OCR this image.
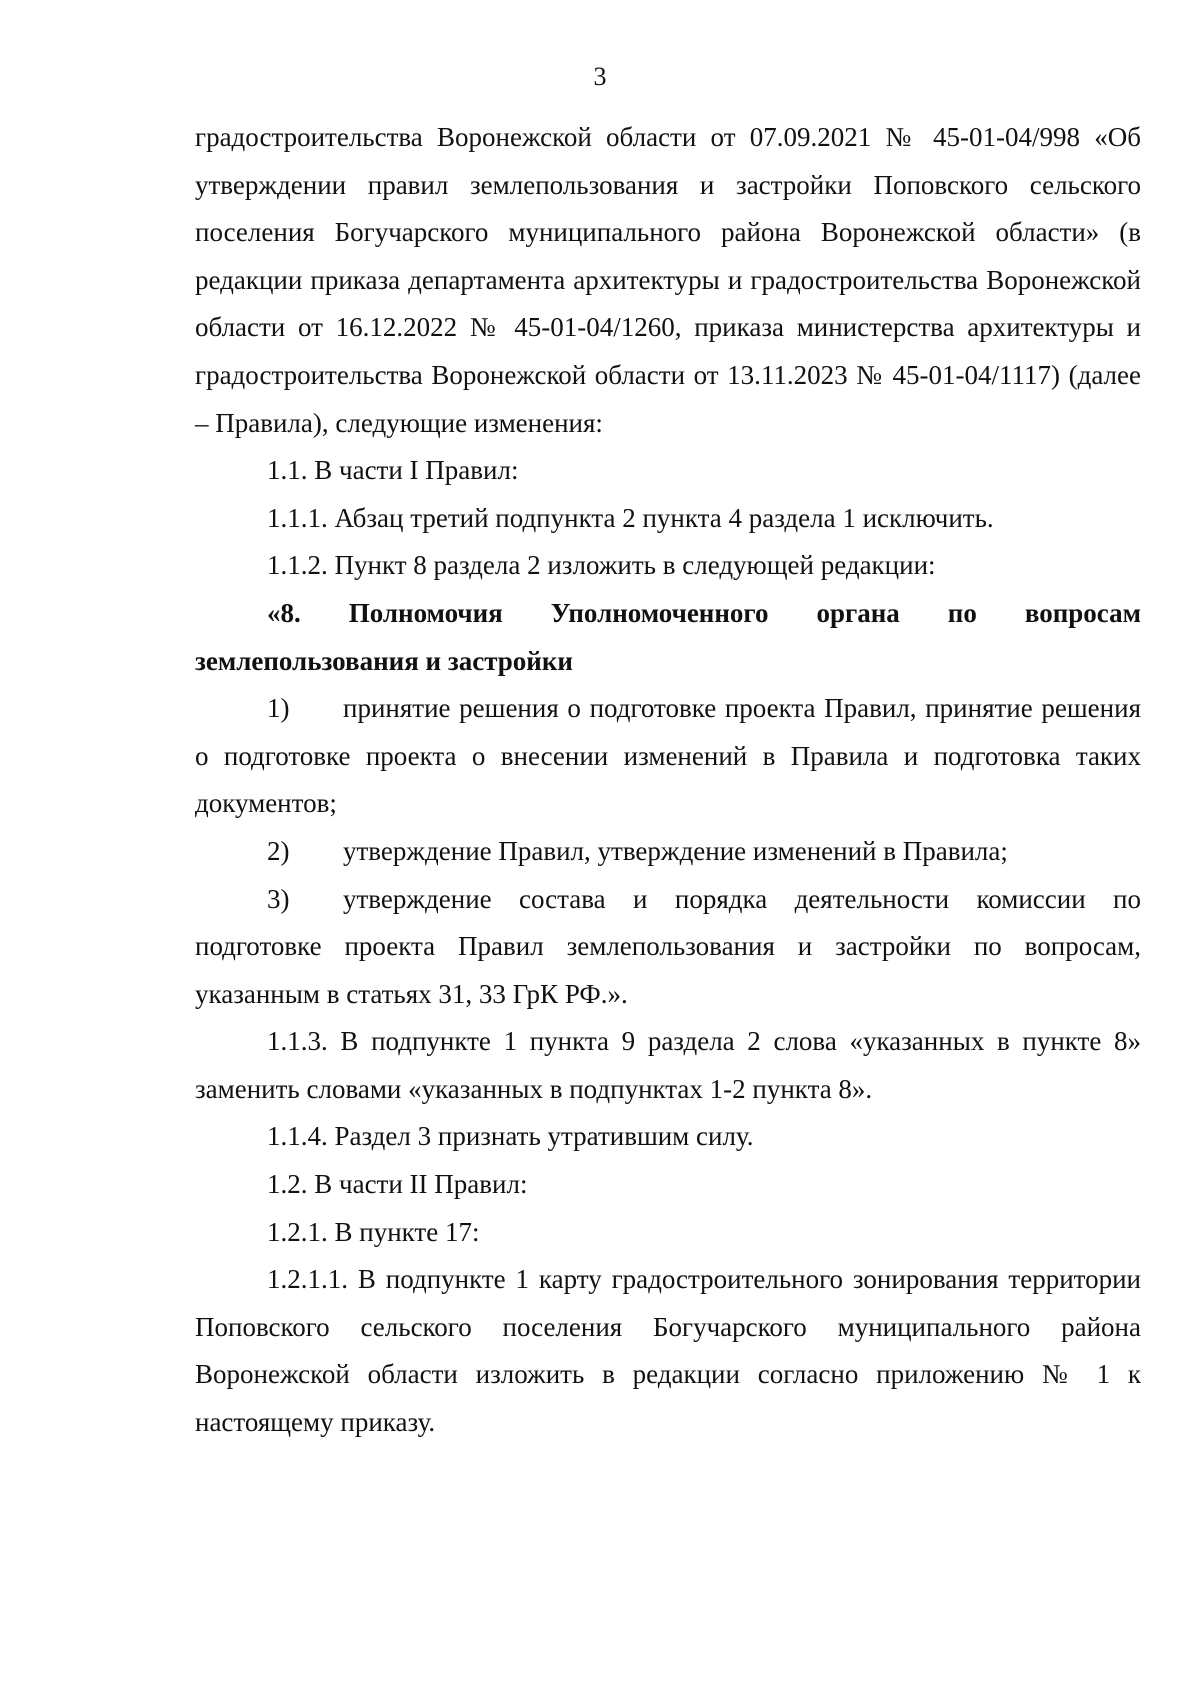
3

градостроительства Воронежской области от 07.09.2021 № 45-01-04/998 «Об утверждении правил землепользования и застройки Поповского сельского поселения Богучарского муниципального района Воронежской области» (в редакции приказа департамента архитектуры и градостроительства Воронежской области от 16.12.2022 № 45-01-04/1260, приказа министерства архитектуры и градостроительства Воронежской области от 13.11.2023 № 45-01-04/1117) (далее – Правила), следующие изменения:

1.1. В части I Правил:

1.1.1. Абзац третий подпункта 2 пункта 4 раздела 1 исключить.

1.1.2. Пункт 8 раздела 2 изложить в следующей редакции:

«8. Полномочия Уполномоченного органа по вопросам землепользования и застройки

1) принятие решения о подготовке проекта Правил, принятие решения о подготовке проекта о внесении изменений в Правила и подготовка таких документов;

2) утверждение Правил, утверждение изменений в Правила;

3) утверждение состава и порядка деятельности комиссии по подготовке проекта Правил землепользования и застройки по вопросам, указанным в статьях 31, 33 ГрК РФ.».

1.1.3. В подпункте 1 пункта 9 раздела 2 слова «указанных в пункте 8» заменить словами «указанных в подпунктах 1-2 пункта 8».

1.1.4. Раздел 3 признать утратившим силу.

1.2. В части II Правил:

1.2.1. В пункте 17:

1.2.1.1. В подпункте 1 карту градостроительного зонирования территории Поповского сельского поселения Богучарского муниципального района Воронежской области изложить в редакции согласно приложению № 1 к настоящему приказу.
